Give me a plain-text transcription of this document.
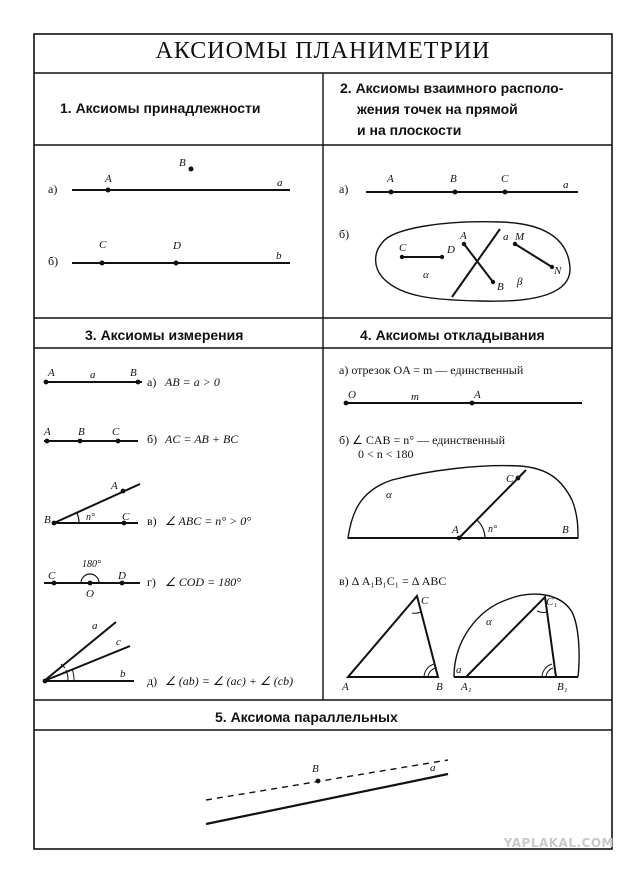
АКСИОМЫ ПЛАНИМЕТРИИ
1. Аксиомы принадлежности
2. Аксиомы взаимного располо-
жения точек на прямой
и на плоскости
3. Аксиомы измерения	4. Аксиомы откладывания
5. Аксиома параллельных
а)
A
B
a
б)
C	D
b
а)
A	B	C	a
б)
C	D
A
B
M
N
a
α
β
A	a	B
а) AB = a > 0
A B C б) AC = AB + BC
A
B	C
n°	в) ∠ ABC = n° > 0°
C
O
D
180°
г) ∠ COD = 180°
a
c
b д) ∠ (ab) = ∠ (ac) + ∠ (cb)
а) отрезок OA = m — единственный
O	m	A
б) ∠ CAB = n° — единственный
0 < n < 180
C
A	B
α
n°
в) Δ A₁B₁C₁ = Δ ABC
C
A	B
C₁
A₁	B₁
α
a
B	a
YAPLAKAL.COM
